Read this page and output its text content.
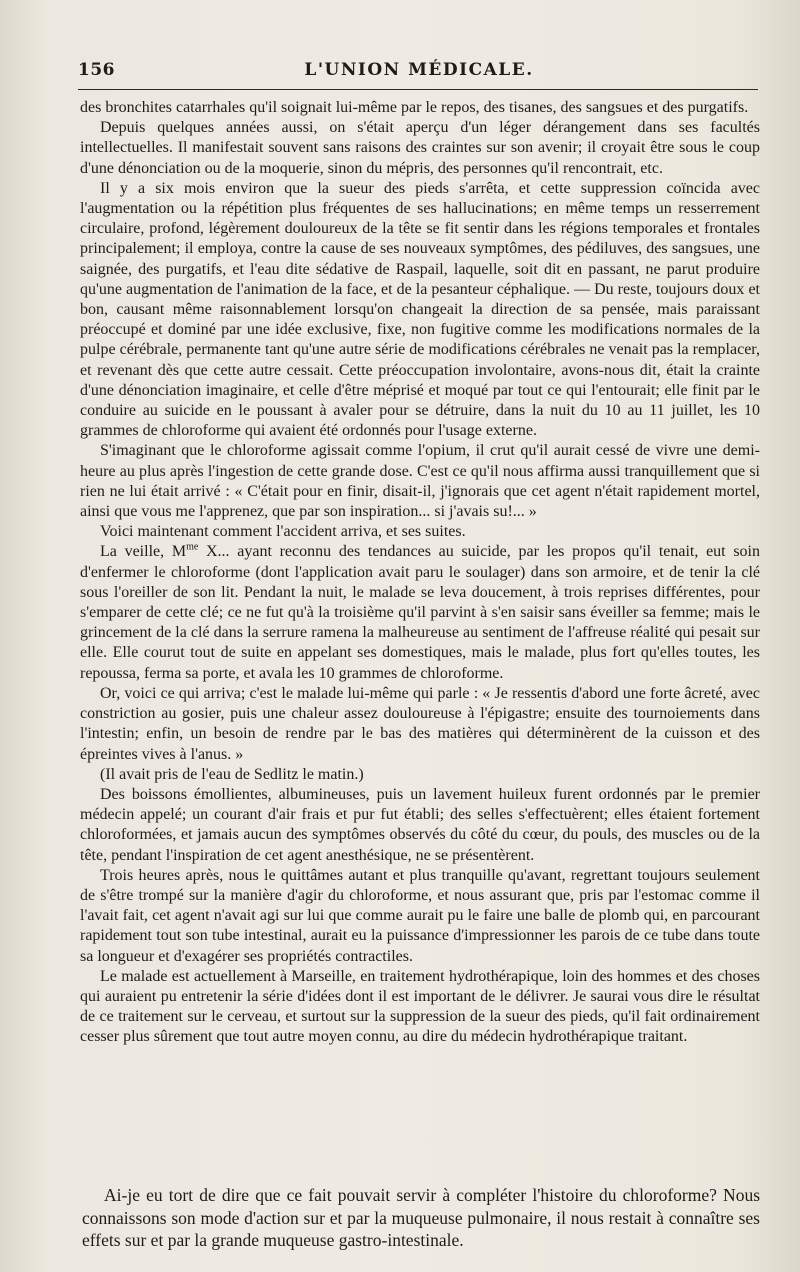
156	L'UNION MÉDICALE.

des bronchites catarrhales qu'il soignait lui-même par le repos, des tisanes, des sangsues et des purgatifs.

Depuis quelques années aussi, on s'était aperçu d'un léger dérangement dans ses facultés intellectuelles. Il manifestait souvent sans raisons des craintes sur son avenir; il croyait être sous le coup d'une dénonciation ou de la moquerie, sinon du mépris, des personnes qu'il rencontrait, etc.

Il y a six mois environ que la sueur des pieds s'arrêta, et cette suppression coïncida avec l'augmentation ou la répétition plus fréquentes de ses hallucinations; en même temps un resserrement circulaire, profond, légèrement douloureux de la tête se fit sentir dans les régions temporales et frontales principalement; il employa, contre la cause de ses nouveaux symptômes, des pédiluves, des sangsues, une saignée, des purgatifs, et l'eau dite sédative de Raspail, laquelle, soit dit en passant, ne parut produire qu'une augmentation de l'animation de la face, et de la pesanteur céphalique. — Du reste, toujours doux et bon, causant même raisonnablement lorsqu'on changeait la direction de sa pensée, mais paraissant préoccupé et dominé par une idée exclusive, fixe, non fugitive comme les modifications normales de la pulpe cérébrale, permanente tant qu'une autre série de modifications cérébrales ne venait pas la remplacer, et revenant dès que cette autre cessait. Cette préoccupation involontaire, avons-nous dit, était la crainte d'une dénonciation imaginaire, et celle d'être méprisé et moqué par tout ce qui l'entourait; elle finit par le conduire au suicide en le poussant à avaler pour se détruire, dans la nuit du 10 au 11 juillet, les 10 grammes de chloroforme qui avaient été ordonnés pour l'usage externe.

S'imaginant que le chloroforme agissait comme l'opium, il crut qu'il aurait cessé de vivre une demi-heure au plus après l'ingestion de cette grande dose. C'est ce qu'il nous affirma aussi tranquillement que si rien ne lui était arrivé : « C'était pour en finir, disait-il, j'ignorais que cet agent n'était rapidement mortel, ainsi que vous me l'apprenez, que par son inspiration... si j'avais su!... »

Voici maintenant comment l'accident arriva, et ses suites.

La veille, $M^{me}$ X... ayant reconnu des tendances au suicide, par les propos qu'il tenait, eut soin d'enfermer le chloroforme (dont l'application avait paru le soulager) dans son armoire, et de tenir la clé sous l'oreiller de son lit. Pendant la nuit, le malade se leva doucement, à trois reprises différentes, pour s'emparer de cette clé; ce ne fut qu'à la troisième qu'il parvint à s'en saisir sans éveiller sa femme; mais le grincement de la clé dans la serrure ramena la malheureuse au sentiment de l'affreuse réalité qui pesait sur elle. Elle courut tout de suite en appelant ses domestiques, mais le malade, plus fort qu'elles toutes, les repoussa, ferma sa porte, et avala les 10 grammes de chloroforme.

Or, voici ce qui arriva; c'est le malade lui-même qui parle : « Je ressentis d'abord une forte âcreté, avec constriction au gosier, puis une chaleur assez douloureuse à l'épigastre; ensuite des tournoiements dans l'intestin; enfin, un besoin de rendre par le bas des matières qui déterminèrent de la cuisson et des épreintes vives à l'anus. »

(Il avait pris de l'eau de Sedlitz le matin.)

Des boissons émollientes, albumineuses, puis un lavement huileux furent ordonnés par le premier médecin appelé; un courant d'air frais et pur fut établi; des selles s'effectuèrent; elles étaient fortement chloroformées, et jamais aucun des symptômes observés du côté du cœur, du pouls, des muscles ou de la tête, pendant l'inspiration de cet agent anesthésique, ne se présentèrent.

Trois heures après, nous le quittâmes autant et plus tranquille qu'avant, regrettant toujours seulement de s'être trompé sur la manière d'agir du chloroforme, et nous assurant que, pris par l'estomac comme il l'avait fait, cet agent n'avait agi sur lui que comme aurait pu le faire une balle de plomb qui, en parcourant rapidement tout son tube intestinal, aurait eu la puissance d'impressionner les parois de ce tube dans toute sa longueur et d'exagérer ses propriétés contractiles.

Le malade est actuellement à Marseille, en traitement hydrothérapique, loin des hommes et des choses qui auraient pu entretenir la série d'idées dont il est important de le délivrer. Je saurai vous dire le résultat de ce traitement sur le cerveau, et surtout sur la suppression de la sueur des pieds, qu'il fait ordinairement cesser plus sûrement que tout autre moyen connu, au dire du médecin hydrothérapique traitant.

Ai-je eu tort de dire que ce fait pouvait servir à compléter l'histoire du chloroforme? Nous connaissons son mode d'action sur et par la muqueuse pulmonaire, il nous restait à connaître ses effets sur et par la grande muqueuse gastro-intestinale.
